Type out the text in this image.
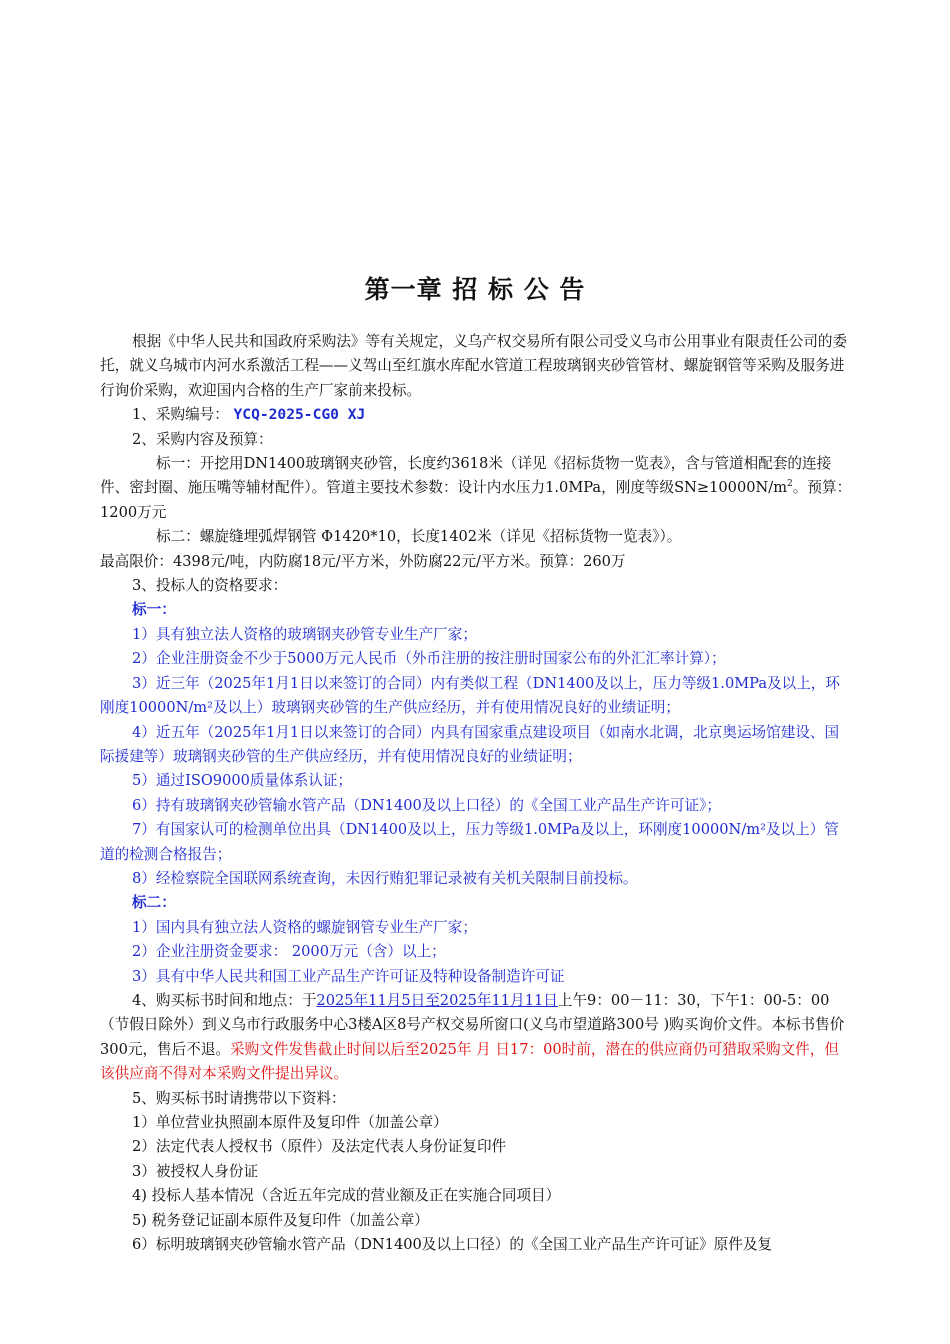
第一章 招 标 公 告

根据《中华人民共和国政府采购法》等有关规定，义乌产权交易所有限公司受义乌市公用事业有限责任公司的委托，就义乌城市内河水系激活工程——义驾山至红旗水库配水管道工程玻璃钢夹砂管管材、螺旋钢管等采购及服务进行询价采购，欢迎国内合格的生产厂家前来投标。

1、采购编号： YCQ-2025-CG0 XJ

2、采购内容及预算：

标一：开挖用DN1400玻璃钢夹砂管，长度约3618米（详见《招标货物一览表》，含与管道相配套的连接件、密封圈、施压嘴等辅材配件）。管道主要技术参数：设计内水压力1.0MPa，刚度等级$SN\ge 10000N/m^2$。预算：1200万元

标二：螺旋缝埋弧焊钢管 Φ1420*10，长度1402米（详见《招标货物一览表》）。

最高限价：4398元/吨，内防腐18元/平方米，外防腐22元/平方米。预算：260万

3、投标人的资格要求：

标一：

1）具有独立法人资格的玻璃钢夹砂管专业生产厂家；

2）企业注册资金不少于5000万元人民币（外币注册的按注册时国家公布的外汇汇率计算）；

3）近三年（2025年1月1日以来签订的合同）内有类似工程（DN1400及以上，压力等级1.0MPa及以上，环刚度10000N/m²及以上）玻璃钢夹砂管的生产供应经历，并有使用情况良好的业绩证明；

4）近五年（2025年1月1日以来签订的合同）内具有国家重点建设项目（如南水北调，北京奥运场馆建设、国际援建等）玻璃钢夹砂管的生产供应经历，并有使用情况良好的业绩证明；

5）通过ISO9000质量体系认证；

6）持有玻璃钢夹砂管输水管产品（DN1400及以上口径）的《全国工业产品生产许可证》；

7）有国家认可的检测单位出具（DN1400及以上，压力等级1.0MPa及以上，环刚度10000N/m²及以上）管道的检测合格报告；

8）经检察院全国联网系统查询，未因行贿犯罪记录被有关机关限制目前投标。

标二：

1）国内具有独立法人资格的螺旋钢管专业生产厂家；

2）企业注册资金要求： 2000万元（含）以上；

3）具有中华人民共和国工业产品生产许可证及特种设备制造许可证

4、购买标书时间和地点：于2025年11月5日至2025年11月11日上午9：00－11：30，下午1：00-5：00（节假日除外）到义乌市行政服务中心3楼A区8号产权交易所窗口(义乌市望道路300号 )购买询价文件。本标书售价300元，售后不退。采购文件发售截止时间以后至2025年 月 日17：00时前，潜在的供应商仍可猎取采购文件，但该供应商不得对本采购文件提出异议。

5、购买标书时请携带以下资料：

1）单位营业执照副本原件及复印件（加盖公章）

2）法定代表人授权书（原件）及法定代表人身份证复印件

3）被授权人身份证

4) 投标人基本情况（含近五年完成的营业额及正在实施合同项目）

5) 税务登记证副本原件及复印件（加盖公章）

6）标明玻璃钢夹砂管输水管产品（DN1400及以上口径）的《全国工业产品生产许可证》原件及复
